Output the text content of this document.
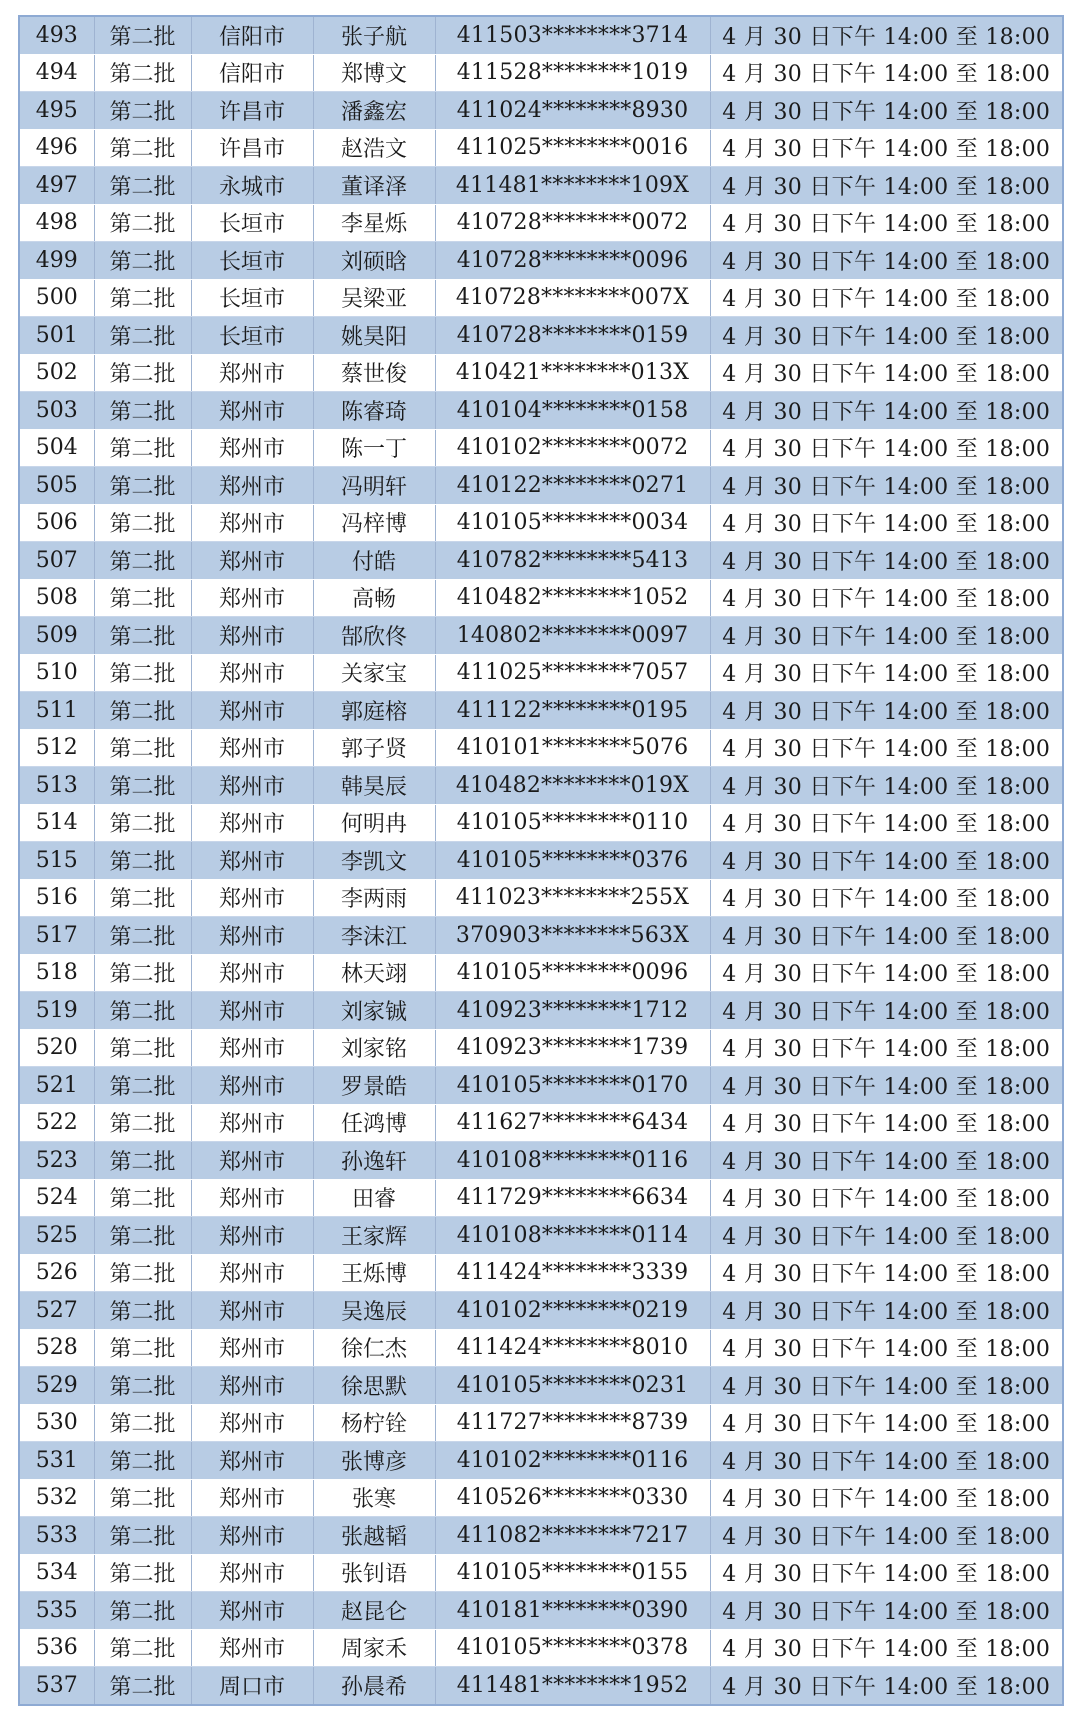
493	第二批	信阳市	张子航	411503********3714	4 月 30 日下午 14:00 至 18:00
494	第二批	信阳市	郑博文	411528********1019	4 月 30 日下午 14:00 至 18:00
495	第二批	许昌市	潘鑫宏	411024********8930	4 月 30 日下午 14:00 至 18:00
496	第二批	许昌市	赵浩文	411025********0016	4 月 30 日下午 14:00 至 18:00
497	第二批	永城市	董译泽	411481********109X	4 月 30 日下午 14:00 至 18:00
498	第二批	长垣市	李星烁	410728********0072	4 月 30 日下午 14:00 至 18:00
499	第二批	长垣市	刘硕晗	410728********0096	4 月 30 日下午 14:00 至 18:00
500	第二批	长垣市	吴梁亚	410728********007X	4 月 30 日下午 14:00 至 18:00
501	第二批	长垣市	姚昊阳	410728********0159	4 月 30 日下午 14:00 至 18:00
502	第二批	郑州市	蔡世俊	410421********013X	4 月 30 日下午 14:00 至 18:00
503	第二批	郑州市	陈睿琦	410104********0158	4 月 30 日下午 14:00 至 18:00
504	第二批	郑州市	陈一丁	410102********0072	4 月 30 日下午 14:00 至 18:00
505	第二批	郑州市	冯明轩	410122********0271	4 月 30 日下午 14:00 至 18:00
506	第二批	郑州市	冯梓博	410105********0034	4 月 30 日下午 14:00 至 18:00
507	第二批	郑州市	付皓	410782********5413	4 月 30 日下午 14:00 至 18:00
508	第二批	郑州市	高畅	410482********1052	4 月 30 日下午 14:00 至 18:00
509	第二批	郑州市	郜欣佟	140802********0097	4 月 30 日下午 14:00 至 18:00
510	第二批	郑州市	关家宝	411025********7057	4 月 30 日下午 14:00 至 18:00
511	第二批	郑州市	郭庭榕	411122********0195	4 月 30 日下午 14:00 至 18:00
512	第二批	郑州市	郭子贤	410101********5076	4 月 30 日下午 14:00 至 18:00
513	第二批	郑州市	韩昊辰	410482********019X	4 月 30 日下午 14:00 至 18:00
514	第二批	郑州市	何明冉	410105********0110	4 月 30 日下午 14:00 至 18:00
515	第二批	郑州市	李凯文	410105********0376	4 月 30 日下午 14:00 至 18:00
516	第二批	郑州市	李两雨	411023********255X	4 月 30 日下午 14:00 至 18:00
517	第二批	郑州市	李沫江	370903********563X	4 月 30 日下午 14:00 至 18:00
518	第二批	郑州市	林天翊	410105********0096	4 月 30 日下午 14:00 至 18:00
519	第二批	郑州市	刘家铖	410923********1712	4 月 30 日下午 14:00 至 18:00
520	第二批	郑州市	刘家铭	410923********1739	4 月 30 日下午 14:00 至 18:00
521	第二批	郑州市	罗景皓	410105********0170	4 月 30 日下午 14:00 至 18:00
522	第二批	郑州市	任鸿博	411627********6434	4 月 30 日下午 14:00 至 18:00
523	第二批	郑州市	孙逸轩	410108********0116	4 月 30 日下午 14:00 至 18:00
524	第二批	郑州市	田睿	411729********6634	4 月 30 日下午 14:00 至 18:00
525	第二批	郑州市	王家辉	410108********0114	4 月 30 日下午 14:00 至 18:00
526	第二批	郑州市	王烁博	411424********3339	4 月 30 日下午 14:00 至 18:00
527	第二批	郑州市	吴逸辰	410102********0219	4 月 30 日下午 14:00 至 18:00
528	第二批	郑州市	徐仁杰	411424********8010	4 月 30 日下午 14:00 至 18:00
529	第二批	郑州市	徐思默	410105********0231	4 月 30 日下午 14:00 至 18:00
530	第二批	郑州市	杨柠铨	411727********8739	4 月 30 日下午 14:00 至 18:00
531	第二批	郑州市	张博彦	410102********0116	4 月 30 日下午 14:00 至 18:00
532	第二批	郑州市	张寒	410526********0330	4 月 30 日下午 14:00 至 18:00
533	第二批	郑州市	张越韬	411082********7217	4 月 30 日下午 14:00 至 18:00
534	第二批	郑州市	张钊语	410105********0155	4 月 30 日下午 14:00 至 18:00
535	第二批	郑州市	赵昆仑	410181********0390	4 月 30 日下午 14:00 至 18:00
536	第二批	郑州市	周家禾	410105********0378	4 月 30 日下午 14:00 至 18:00
537	第二批	周口市	孙晨希	411481********1952	4 月 30 日下午 14:00 至 18:00
